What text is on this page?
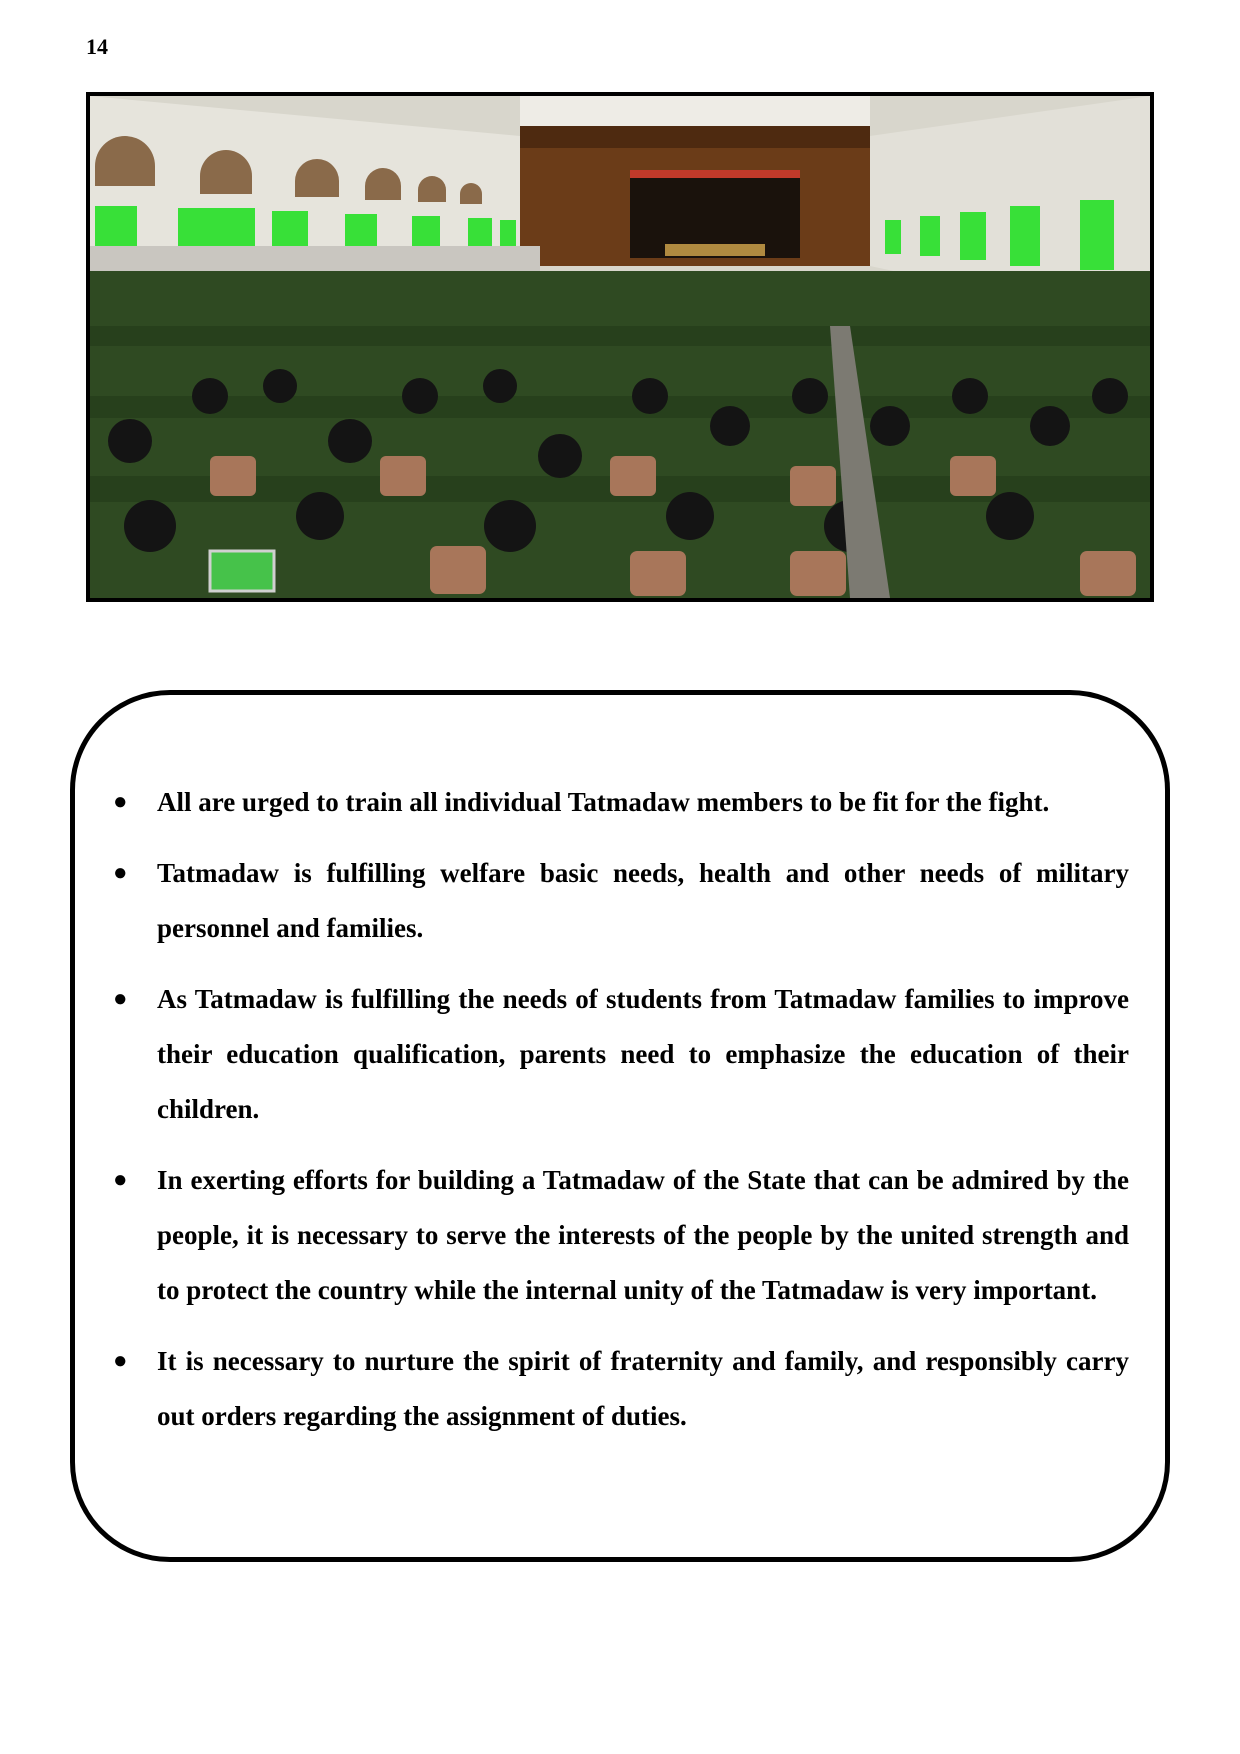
14
● All are urged to train all individual Tatmadaw members to be fit for the fight.
● Tatmadaw is fulfilling welfare basic needs, health and other needs of military personnel and families.
● As Tatmadaw is fulfilling the needs of students from Tatmadaw families to improve their education qualification, parents need to emphasize the education of their children.
● In exerting efforts for building a Tatmadaw of the State that can be admired by the people, it is necessary to serve the interests of the people by the united strength and to protect the country while the internal unity of the Tatmadaw is very important.
● It is necessary to nurture the spirit of fraternity and family, and responsibly carry out orders regarding the assignment of duties.
